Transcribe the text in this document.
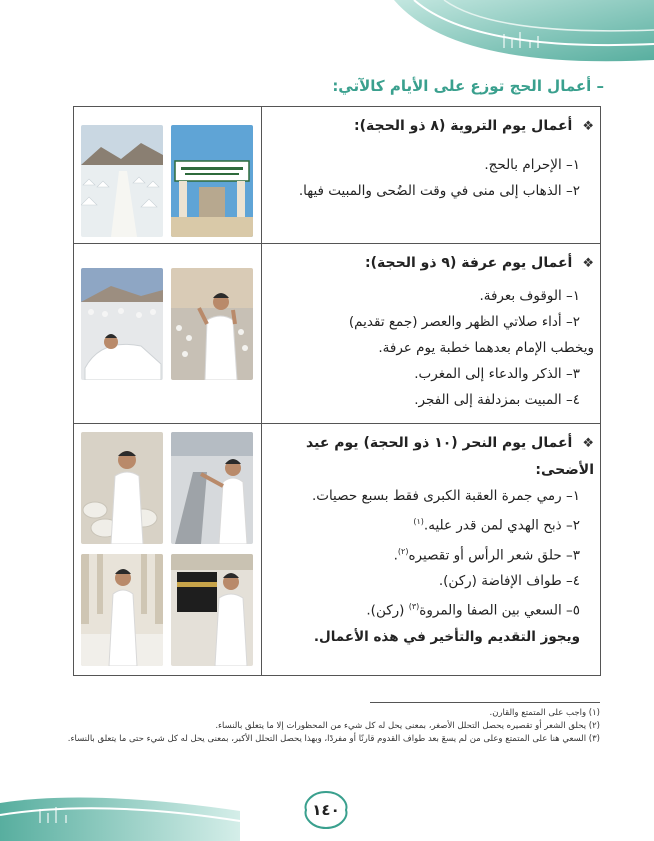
– أعمال الحج توزع على الأيام كالآتي:
❖أعمال يوم التروية (٨ ذو الحجة):
١– الإحرام بالحج.
٢– الذهاب إلى منى في وقت الضُحى والمبيت فيها.
❖أعمال يوم عرفة (٩ ذو الحجة):
١– الوقوف بعرفة.
٢– أداء صلاتي الظهر والعصر (جمع تقديم)
ويخطب الإمام بعدهما خطبة يوم عرفة.
٣– الذكر والدعاء إلى المغرب.
٤– المبيت بمزدلفة إلى الفجر.
❖أعمال يوم النحر (١٠ ذو الحجة) يوم عيد الأضحى:
١– رمي جمرة العقبة الكبرى فقط بسبع حصيات.
٢– ذبح الهدي لمن قدر عليه.$^{(١)}$
٣– حلق شعر الرأس أو تقصيره$^{(٢)}$.
٤– طواف الإفاضة (ركن).
٥– السعي بين الصفا والمروة$^{(٣)}$ (ركن).
ويجوز التقديم والتأخير في هذه الأعمال.
(١) واجب على المتمتع والقارن.
(٢) يحلق الشعر أو تقصيره يحصل التحلل الأصغر، بمعنى يحل له كل شيء من المحظورات إلا ما يتعلق بالنساء.
(٣) السعي هنا على المتمتع وعلى من لم يسعَ بعد طواف القدوم قارنًا أو مفردًا، وبهذا يحصل التحلل الأكبر، بمعنى يحل له كل شيء حتى ما يتعلق بالنساء.
١٤٠
